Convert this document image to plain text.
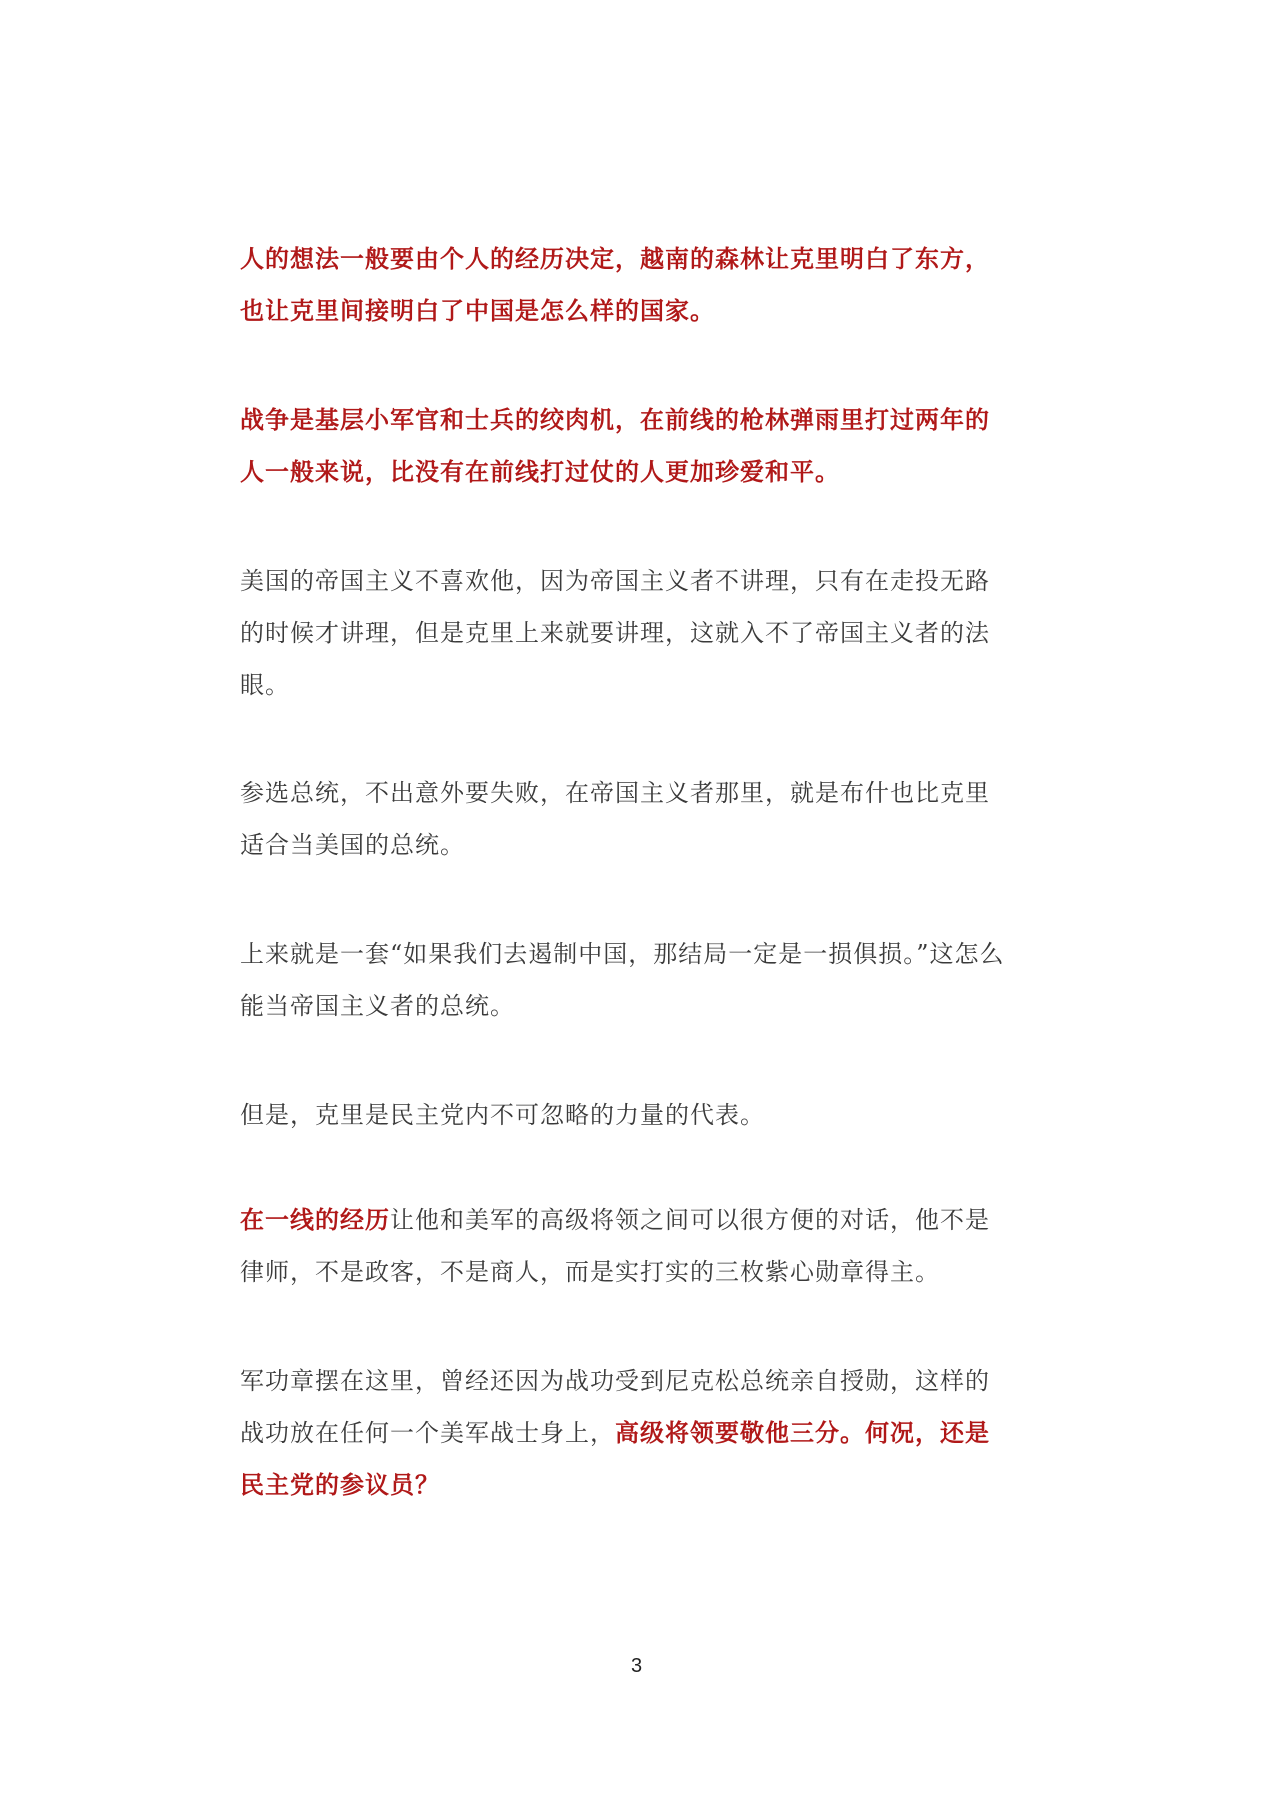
人的想法一般要由个人的经历决定，越南的森林让克里明白了东方，
也让克里间接明白了中国是怎么样的国家。
战争是基层小军官和士兵的绞肉机，在前线的枪林弹雨里打过两年的
人一般来说，比没有在前线打过仗的人更加珍爱和平。
美国的帝国主义不喜欢他，因为帝国主义者不讲理，只有在走投无路
的时候才讲理，但是克里上来就要讲理，这就入不了帝国主义者的法
眼。
参选总统，不出意外要失败，在帝国主义者那里，就是布什也比克里
适合当美国的总统。
上来就是一套“如果我们去遏制中国，那结局一定是一损俱损。”这怎么
能当帝国主义者的总统。
但是，克里是民主党内不可忽略的力量的代表。
在一线的经历让他和美军的高级将领之间可以很方便的对话，他不是
律师，不是政客，不是商人，而是实打实的三枚紫心勋章得主。
军功章摆在这里，曾经还因为战功受到尼克松总统亲自授勋，这样的
战功放在任何一个美军战士身上，高级将领要敬他三分。何况，还是
民主党的参议员？
3
